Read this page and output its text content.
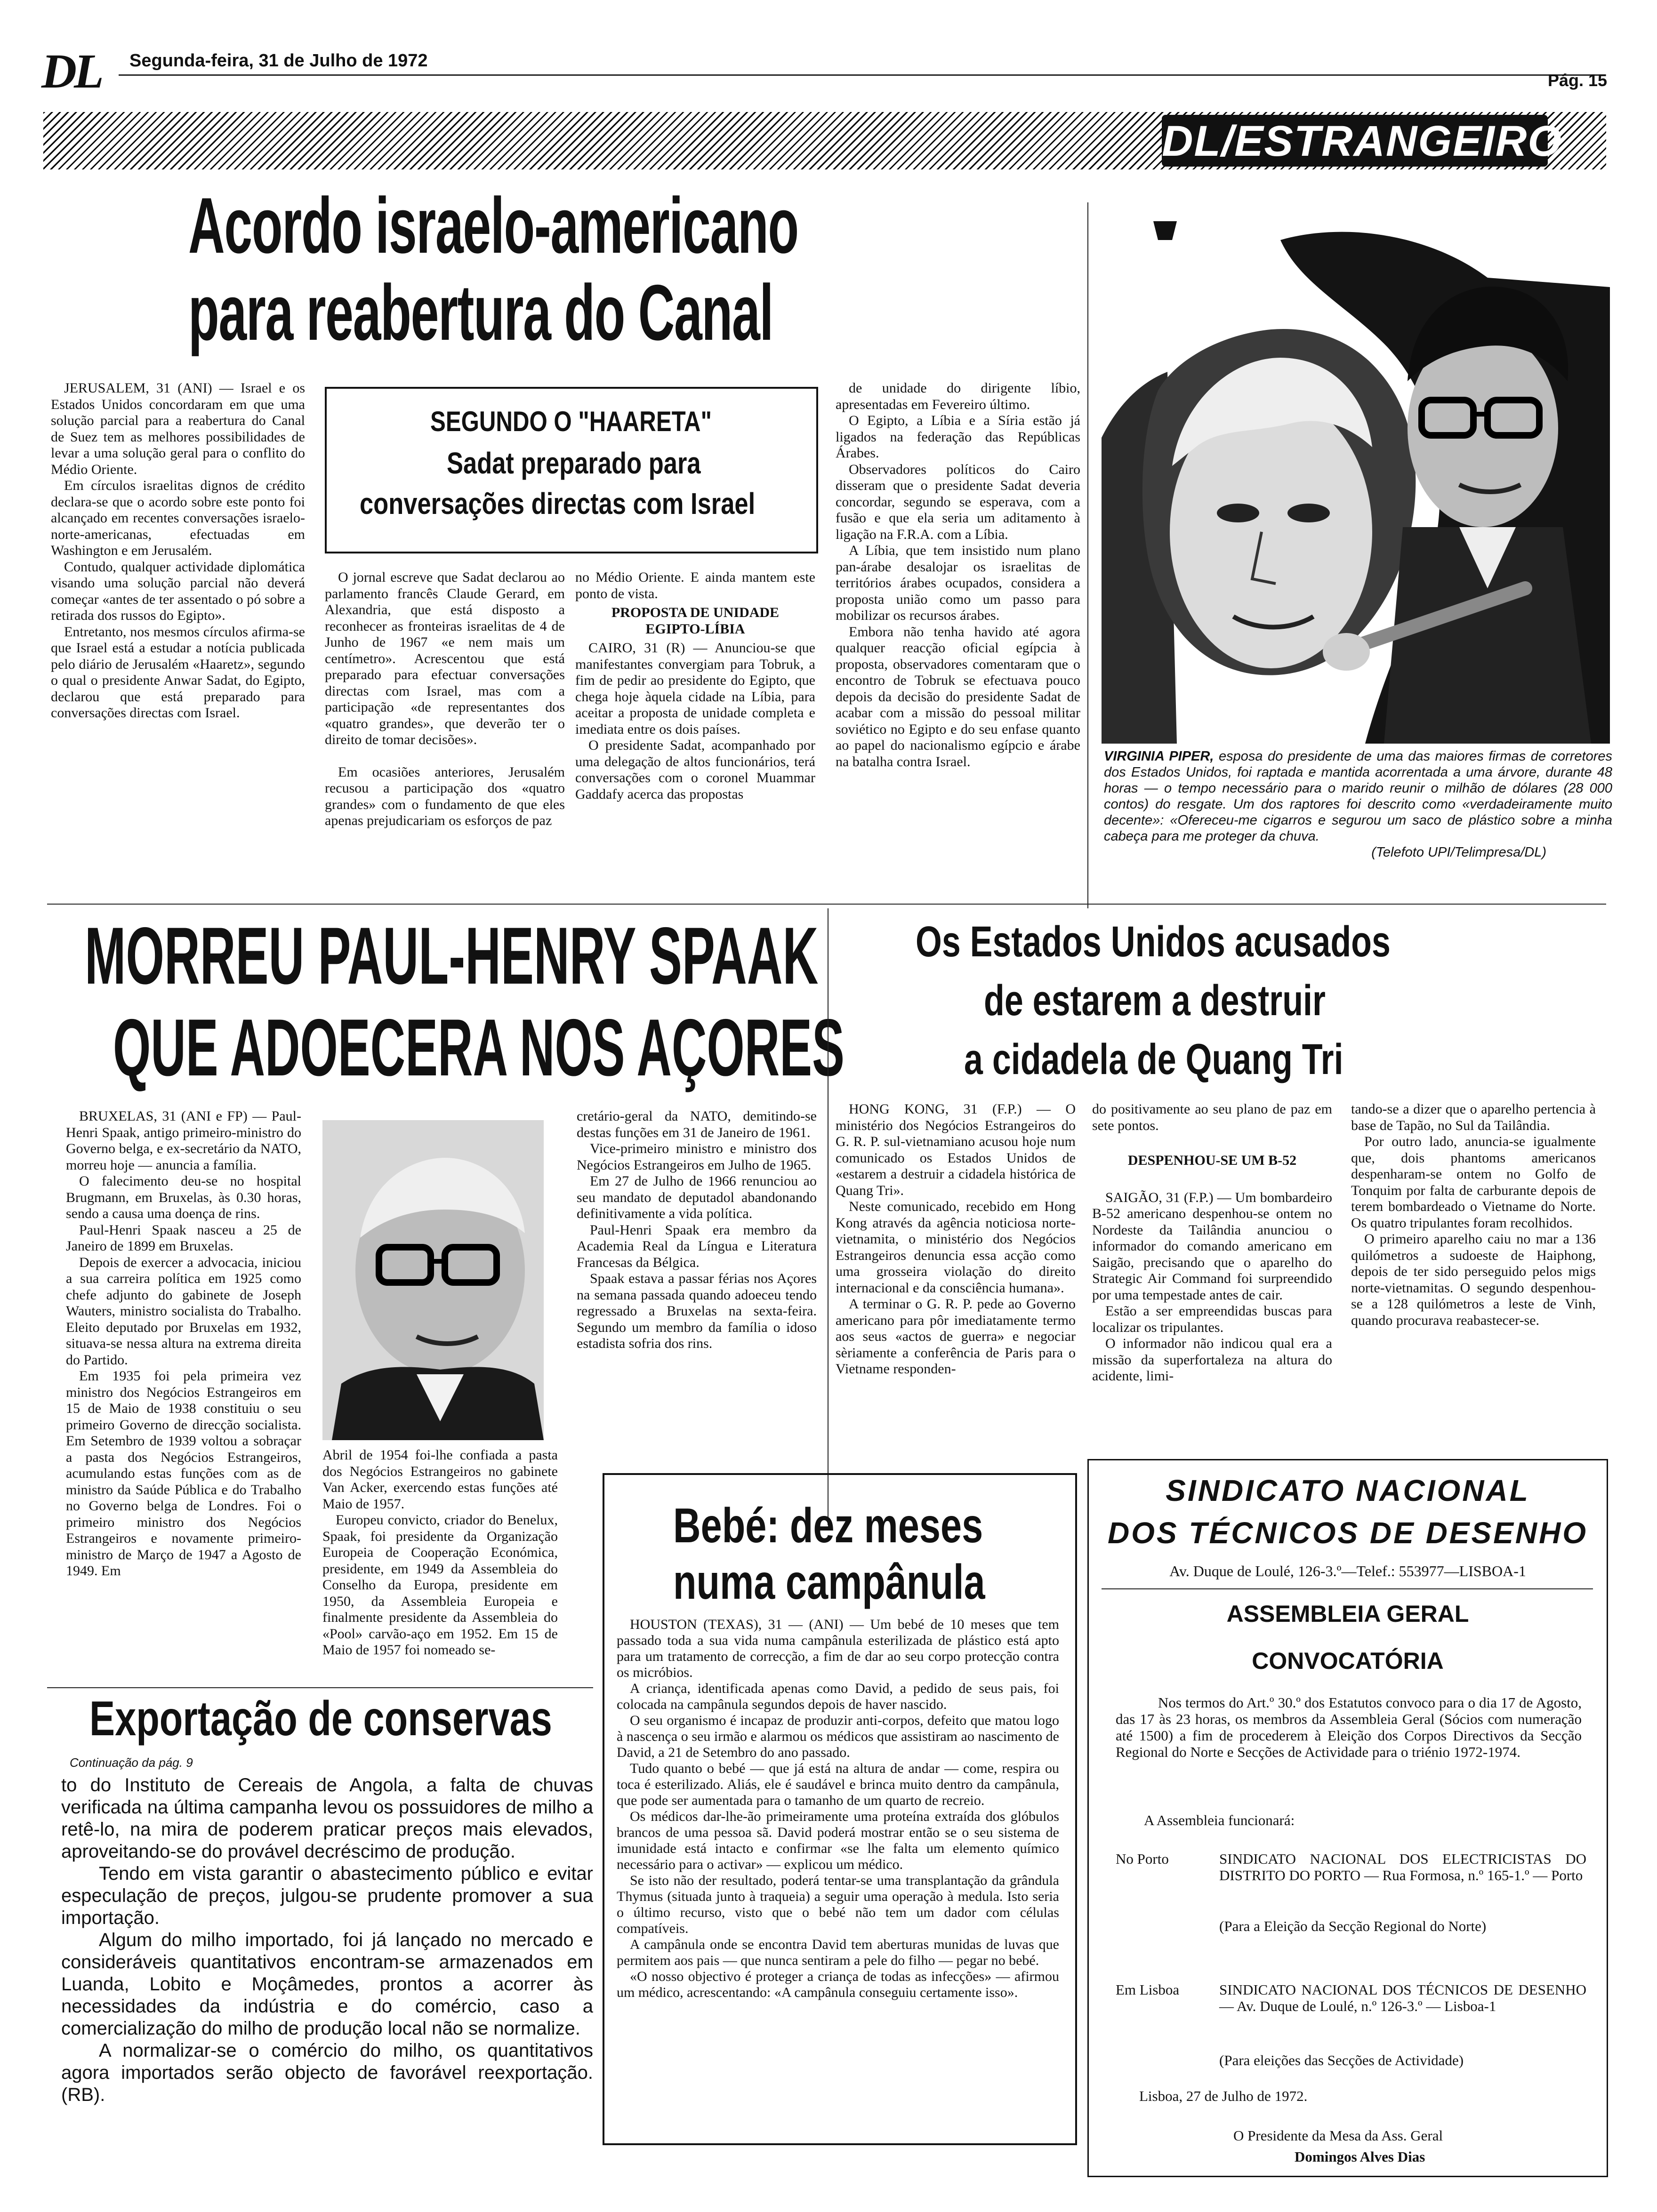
DL Segunda-feira, 31 de Julho de 1972
Pág. 15
DL/ESTRANGEIRO
Acordo israelo-americano
para reabertura do Canal

JERUSALEM, 31 (ANI) — Israel e os Estados Unidos concordaram em que uma solução parcial para a reabertura do Canal de Suez tem as melhores possibilidades de levar a uma solução geral para o conflito do Médio Oriente.

Em círculos israelitas dignos de crédito declara-se que o acordo sobre este ponto foi alcançado em recentes conversações israelo-norte-americanas, efectuadas em Washington e em Jerusalém.

Contudo, qualquer actividade diplomática visando uma solução parcial não deverá começar «antes de ter assentado o pó sobre a retirada dos russos do Egipto».

Entretanto, nos mesmos círculos afirma-se que Israel está a estudar a notícia publicada pelo diário de Jerusalém «Haaretz», segundo o qual o presidente Anwar Sadat, do Egipto, declarou que está preparado para conversações directas com Israel.

SEGUNDO O "HAARETA"
Sadat preparado para
conversações directas com Israel

O jornal escreve que Sadat declarou ao parlamento francês Claude Gerard, em Alexandria, que está disposto a reconhecer as fronteiras israelitas de 4 de Junho de 1967 «e nem mais um centímetro». Acrescentou que está preparado para efectuar conversações directas com Israel, mas com a participação «de representantes dos «quatro grandes», que deverão ter o direito de tomar decisões».

Em ocasiões anteriores, Jerusalém recusou a participação dos «quatro grandes» com o fundamento de que eles apenas prejudicariam os esforços de paz

no Médio Oriente. E ainda mantem este ponto de vista.

PROPOSTA DE UNIDADE
EGIPTO-LÍBIA

CAIRO, 31 (R) — Anunciou-se que manifestantes convergiam para Tobruk, a fim de pedir ao presidente do Egipto, que chega hoje àquela cidade na Líbia, para aceitar a proposta de unidade completa e imediata entre os dois países.

O presidente Sadat, acompanhado por uma delegação de altos funcionários, terá conversações com o coronel Muammar Gaddafy acerca das propostas

de unidade do dirigente líbio, apresentadas em Fevereiro último.

O Egipto, a Líbia e a Síria estão já ligados na federação das Repúblicas Árabes.

Observadores políticos do Cairo disseram que o presidente Sadat deveria concordar, segundo se esperava, com a fusão e que ela seria um aditamento à ligação na F.R.A. com a Líbia.

A Líbia, que tem insistido num plano pan-árabe desalojar os israelitas de territórios árabes ocupados, considera a proposta união como um passo para mobilizar os recursos árabes.

Embora não tenha havido até agora qualquer reacção oficial egípcia à proposta, observadores comentaram que o encontro de Tobruk se efectuava pouco depois da decisão do presidente Sadat de acabar com a missão do pessoal militar soviético no Egipto e do seu enfase quanto ao papel do nacionalismo egípcio e árabe na batalha contra Israel.	VIRGINIA PIPER, esposa do presidente de uma das maiores firmas de corretores dos Estados Unidos, foi raptada e mantida acorrentada a uma árvore, durante 48 horas — o tempo necessário para o marido reunir o milhão de dólares (28 000 contos) do resgate. Um dos raptores foi descrito como «verdadeiramente muito decente»: «Ofereceu-me cigarros e segurou um saco de plástico sobre a minha cabeça para me proteger da chuva.
(Telefoto UPI/Telimpresa/DL)
MORREU PAUL-HENRY SPAAK
QUE ADOECERA NOS AÇORES

BRUXELAS, 31 (ANI e FP) — Paul-Henri Spaak, antigo primeiro-ministro do Governo belga, e ex-secretário da NATO, morreu hoje — anuncia a família.

O falecimento deu-se no hospital Brugmann, em Bruxelas, às 0.30 horas, sendo a causa uma doença de rins.

Paul-Henri Spaak nasceu a 25 de Janeiro de 1899 em Bruxelas.

Depois de exercer a advocacia, iniciou a sua carreira política em 1925 como chefe adjunto do gabinete de Joseph Wauters, ministro socialista do Trabalho. Eleito deputado por Bruxelas em 1932, situava-se nessa altura na extrema direita do Partido.

Em 1935 foi pela primeira vez ministro dos Negócios Estrangeiros em 15 de Maio de 1938 constituiu o seu primeiro Governo de direcção socialista. Em Setembro de 1939 voltou a sobraçar a pasta dos Negócios Estrangeiros, acumulando estas funções com as de ministro da Saúde Pública e do Trabalho no Governo belga de Londres. Foi o primeiro ministro dos Negócios Estrangeiros e novamente primeiro-ministro de Março de 1947 a Agosto de 1949. Em

Abril de 1954 foi-lhe confiada a pasta dos Negócios Estrangeiros no gabinete Van Acker, exercendo estas funções até Maio de 1957.

Europeu convicto, criador do Benelux, Spaak, foi presidente da Organização Europeia de Cooperação Económica, presidente, em 1949 da Assembleia do Conselho da Europa, presidente em 1950, da Assembleia Europeia e finalmente presidente da Assembleia do «Pool» carvão-aço em 1952. Em 15 de Maio de 1957 foi nomeado se-

cretário-geral da NATO, demitindo-se destas funções em 31 de Janeiro de 1961.

Vice-primeiro ministro e ministro dos Negócios Estrangeiros em Julho de 1965.

Em 27 de Julho de 1966 renunciou ao seu mandato de deputadol abandonando definitivamente a vida política.

Paul-Henri Spaak era membro da Academia Real da Língua e Literatura Francesas da Bélgica.

Spaak estava a passar férias nos Açores na semana passada quando adoeceu tendo regressado a Bruxelas na sexta-feira. Segundo um membro da família o idoso estadista sofria dos rins.

Os Estados Unidos acusados
de estarem a destruir
a cidadela de Quang Tri

HONG KONG, 31 (F.P.) — O ministério dos Negócios Estrangeiros do G. R. P. sul-vietnamiano acusou hoje num comunicado os Estados Unidos de «estarem a destruir a cidadela histórica de Quang Tri».

Neste comunicado, recebido em Hong Kong através da agência noticiosa norte-vietnamita, o ministério dos Negócios Estrangeiros denuncia essa acção como uma grosseira violação do direito internacional e da consciência humana».

A terminar o G. R. P. pede ao Governo americano para pôr imediatamente termo aos seus «actos de guerra» e negociar sèriamente a conferência de Paris para o Vietname responden-

do positivamente ao seu plano de paz em sete pontos.

DESPENHOU-SE UM B-52

SAIGÃO, 31 (F.P.) — Um bombardeiro B-52 americano despenhou-se ontem no Nordeste da Tailândia anunciou o informador do comando americano em Saigão, precisando que o aparelho do Strategic Air Command foi surpreendido por uma tempestade antes de cair.

Estão a ser empreendidas buscas para localizar os tripulantes.

O informador não indicou qual era a missão da superfortaleza na altura do acidente, limi-

tando-se a dizer que o aparelho pertencia à base de Tapão, no Sul da Tailândia.

Por outro lado, anuncia-se igualmente que, dois phantoms americanos despenharam-se ontem no Golfo de Tonquim por falta de carburante depois de terem bombardeado o Vietname do Norte. Os quatro tripulantes foram recolhidos.

O primeiro aparelho caiu no mar a 136 quilómetros a sudoeste de Haiphong, depois de ter sido perseguido pelos migs norte-vietnamitas. O segundo despenhou-se a 128 quilómetros a leste de Vinh, quando procurava reabastecer-se.

Bebé: dez meses
numa campânula

HOUSTON (TEXAS), 31 — (ANI) — Um bebé de 10 meses que tem passado toda a sua vida numa campânula esterilizada de plástico está apto para um tratamento de correcção, a fim de dar ao seu corpo protecção contra os micróbios.

A criança, identificada apenas como David, a pedido de seus pais, foi colocada na campânula segundos depois de haver nascido.

O seu organismo é incapaz de produzir anti-corpos, defeito que matou logo à nascença o seu irmão e alarmou os médicos que assistiram ao nascimento de David, a 21 de Setembro do ano passado.

Tudo quanto o bebé — que já está na altura de andar — come, respira ou toca é esterilizado. Aliás, ele é saudável e brinca muito dentro da campânula, que pode ser aumentada para o tamanho de um quarto de recreio.

Os médicos dar-lhe-ão primeiramente uma proteína extraída dos glóbulos brancos de uma pessoa sã. David poderá mostrar então se o seu sistema de imunidade está intacto e confirmar «se lhe falta um elemento químico necessário para o activar» — explicou um médico.

Se isto não der resultado, poderá tentar-se uma transplantação da grândula Thymus (situada junto à traqueia) a seguir uma operação à medula. Isto seria o último recurso, visto que o bebé não tem um dador com células compatíveis.

A campânula onde se encontra David tem aberturas munidas de luvas que permitem aos pais — que nunca sentiram a pele do filho — pegar no bebé.

«O nosso objectivo é proteger a criança de todas as infecções» — afirmou um médico, acrescentando: «A campânula conseguiu certamente isso».

Exportação de conservas
Continuação da pág. 9

to do Instituto de Cereais de Angola, a falta de chuvas verificada na última campanha levou os possuidores de milho a retê-lo, na mira de poderem praticar preços mais elevados, aproveitando-se do provável decréscimo de produção.

Tendo em vista garantir o abastecimento público e evitar especulação de preços, julgou-se prudente promover a sua importação.

Algum do milho importado, foi já lançado no mercado e consideráveis quantitativos encontram-se armazenados em Luanda, Lobito e Moçâmedes, prontos a acorrer às necessidades da indústria e do comércio, caso a comercialização do milho de produção local não se normalize.

A normalizar-se o comércio do milho, os quantitativos agora importados serão objecto de favorável reexportação. (RB).

SINDICATO NACIONAL
DOS TÉCNICOS DE DESENHO
Av. Duque de Loulé, 126-3.º—Telef.: 553977—LISBOA-1
ASSEMBLEIA GERAL
CONVOCATÓRIA
Nos termos do Art.º 30.º dos Estatutos convoco para o dia 17 de Agosto, das 17 às 23 horas, os membros da Assembleia Geral (Sócios com numeração até 1500) a fim de procederem à Eleição dos Corpos Directivos da Secção Regional do Norte e Secções de Actividade para o triénio 1972-1974.
A Assembleia funcionará:
No Porto	SINDICATO NACIONAL DOS ELECTRICISTAS DO DISTRITO DO PORTO — Rua Formosa, n.º 165-1.º — Porto
(Para a Eleição da Secção Regional do Norte)
Em Lisboa	SINDICATO NACIONAL DOS TÉCNICOS DE DESENHO — Av. Duque de Loulé, n.º 126-3.º — Lisboa-1
(Para eleições das Secções de Actividade)
Lisboa, 27 de Julho de 1972.
O Presidente da Mesa da Ass. Geral
Domingos Alves Dias
